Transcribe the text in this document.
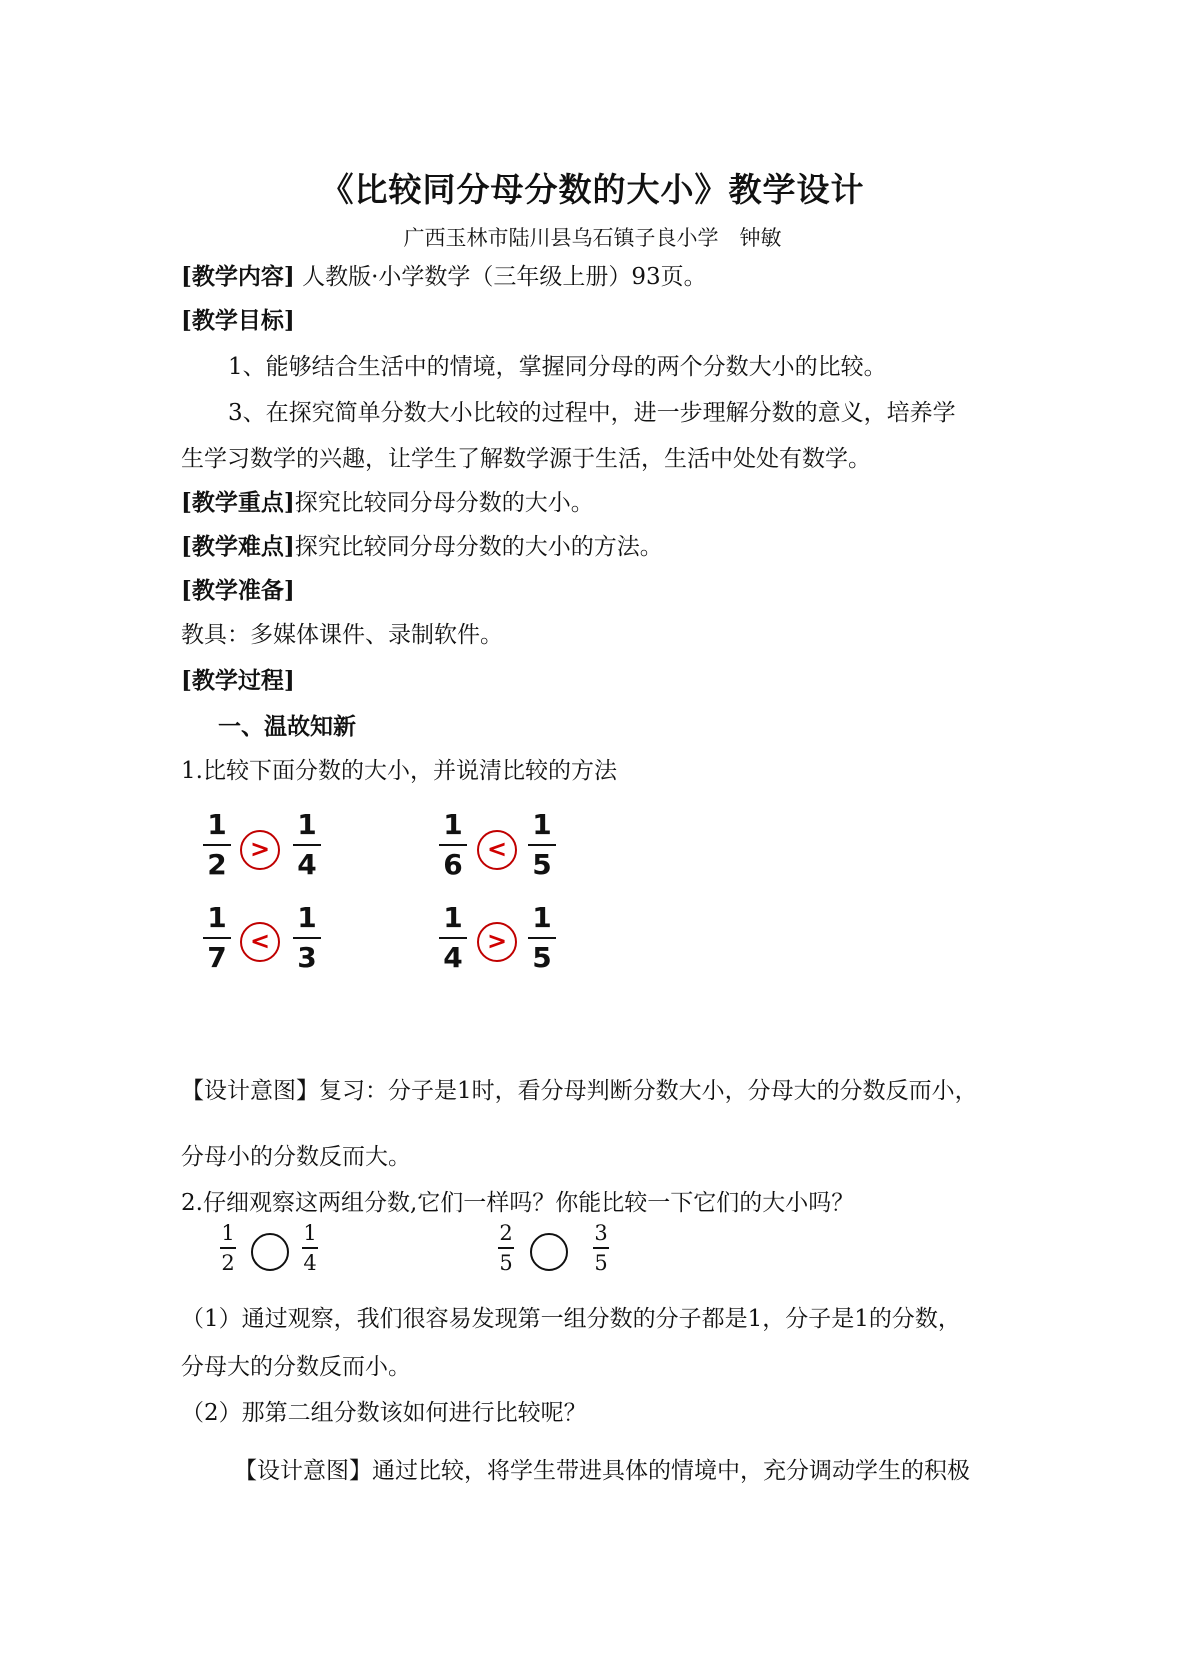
《比较同分母分数的大小》教学设计
广西玉林市陆川县乌石镇子良小学　钟敏
[教学内容] 人教版·小学数学（三年级上册）93页。
[教学目标]
1、能够结合生活中的情境，掌握同分母的两个分数大小的比较。
3、在探究简单分数大小比较的过程中，进一步理解分数的意义，培养学
生学习数学的兴趣，让学生了解数学源于生活，生活中处处有数学。
[教学重点]探究比较同分母分数的大小。
[教学难点]探究比较同分母分数的大小的方法。
[教学准备]
教具：多媒体课件、录制软件。
[教学过程]
一、温故知新
1.比较下面分数的大小，并说清比较的方法
1
2 >
1
4
1
6	<
1
5
1
7 <
1
3
1
4	>
1
5
【设计意图】复习：分子是1时，看分母判断分数大小，分母大的分数反而小，
分母小的分数反而大。
2.仔细观察这两组分数,它们一样吗？你能比较一下它们的大小吗？
1
2
1
4
2
5
3
5
（1）通过观察，我们很容易发现第一组分数的分子都是1，分子是1的分数，
分母大的分数反而小。
（2）那第二组分数该如何进行比较呢？
【设计意图】通过比较，将学生带进具体的情境中，充分调动学生的积极
